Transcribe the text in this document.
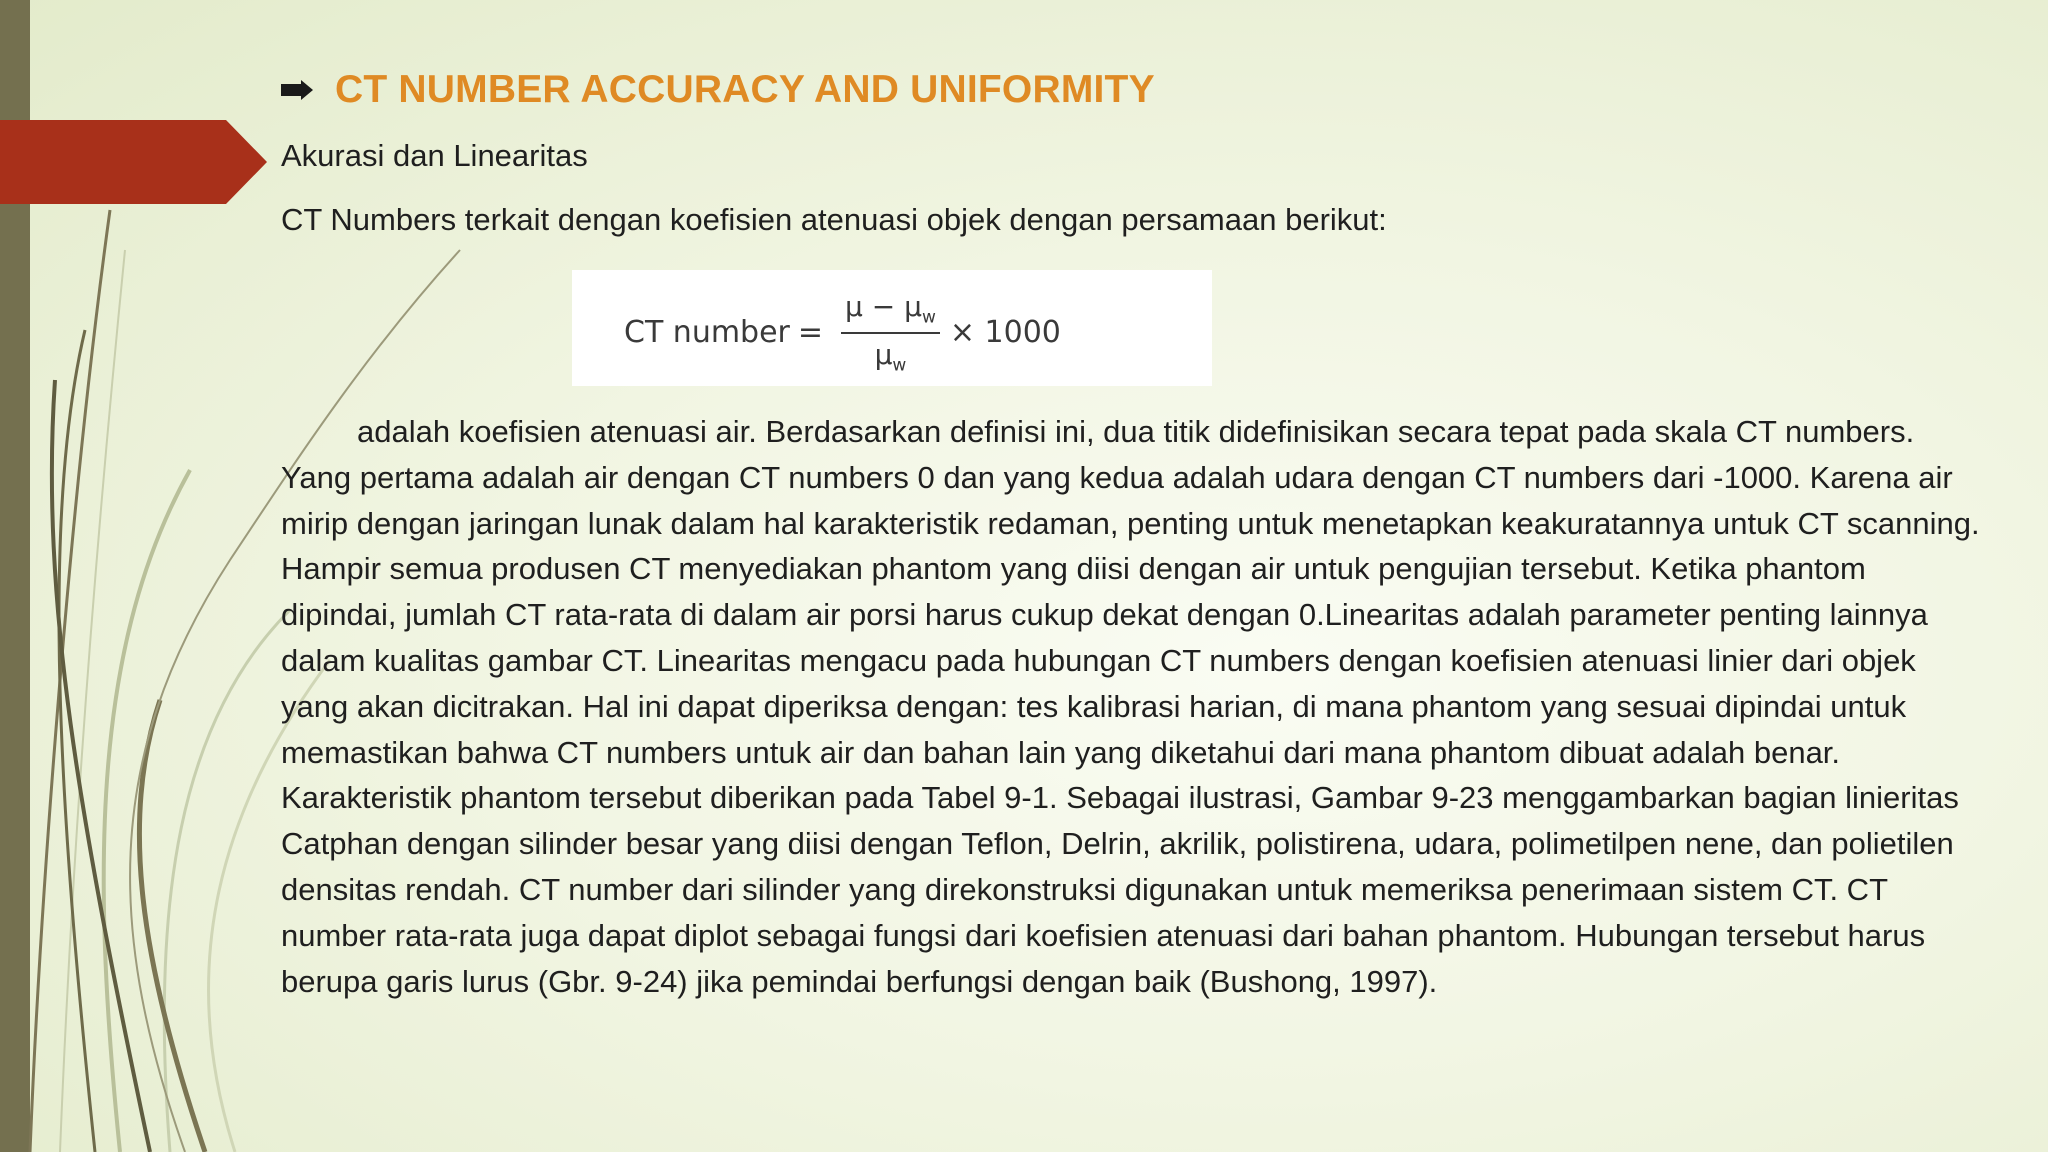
CT NUMBER ACCURACY AND UNIFORMITY
Akurasi dan Linearitas
CT Numbers terkait dengan koefisien atenuasi objek dengan persamaan berikut:
CT number = $\frac{\mu - \mu_w}{\mu_w} \times 1000$

adalah koefisien atenuasi air. Berdasarkan definisi ini, dua titik didefinisikan secara tepat pada skala CT numbers. Yang pertama adalah air dengan CT numbers 0 dan yang kedua adalah udara dengan CT numbers dari -1000. Karena air mirip dengan jaringan lunak dalam hal karakteristik redaman, penting untuk menetapkan keakuratannya untuk CT scanning. Hampir semua produsen CT menyediakan phantom yang diisi dengan air untuk pengujian tersebut. Ketika phantom dipindai, jumlah CT rata-rata di dalam air porsi harus cukup dekat dengan 0.Linearitas adalah parameter penting lainnya dalam kualitas gambar CT. Linearitas mengacu pada hubungan CT numbers dengan koefisien atenuasi linier dari objek yang akan dicitrakan. Hal ini dapat diperiksa dengan: tes kalibrasi harian, di mana phantom yang sesuai dipindai untuk memastikan bahwa CT numbers untuk air dan bahan lain yang diketahui dari mana phantom dibuat adalah benar. Karakteristik phantom tersebut diberikan pada Tabel 9-1. Sebagai ilustrasi, Gambar 9-23 menggambarkan bagian linieritas Catphan dengan silinder besar yang diisi dengan Teflon, Delrin, akrilik, polistirena, udara, polimetilpen nene, dan polietilen densitas rendah. CT number dari silinder yang direkonstruksi digunakan untuk memeriksa penerimaan sistem CT. CT number rata-rata juga dapat diplot sebagai fungsi dari koefisien atenuasi dari bahan phantom. Hubungan tersebut harus berupa garis lurus (Gbr. 9-24) jika pemindai berfungsi dengan baik (Bushong, 1997).
